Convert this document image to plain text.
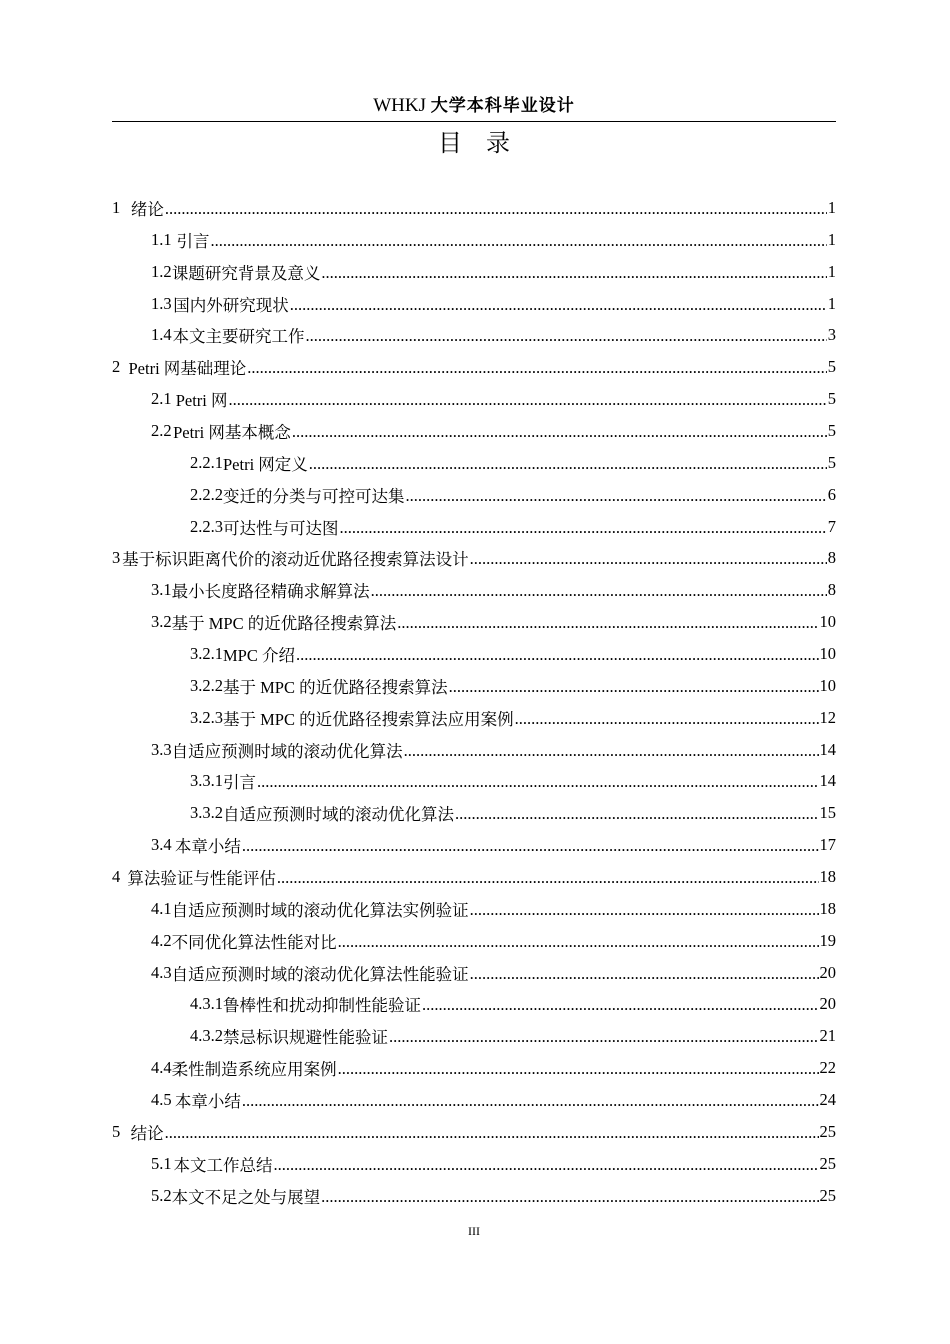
WHKJ 大学本科毕业设计
目　录
1 绪论 .....	1
1.1 引言 .....	1
1.2 课题研究背景及意义 .....	1
1.3 国内外研究现状 .....	1
1.4 本文主要研究工作 .....	3
2 Petri 网基础理论 .....	5
2.1 Petri 网 .....	5
2.2 Petri 网基本概念 .....	5
2.2.1 Petri 网定义 .....	5
2.2.2 变迁的分类与可控可达集 .....	6
2.2.3 可达性与可达图 .....	7
3 基于标识距离代价的滚动近优路径搜索算法设计 .....	8
3.1 最小长度路径精确求解算法 .....	8
3.2 基于 MPC 的近优路径搜索算法 .....	10
3.2.1 MPC 介绍 .....	10
3.2.2 基于 MPC 的近优路径搜索算法 .....	10
3.2.3 基于 MPC 的近优路径搜索算法应用案例 .....	12
3.3 自适应预测时域的滚动优化算法 .....	14
3.3.1 引言 .....	14
3.3.2 自适应预测时域的滚动优化算法 .....	15
3.4 本章小结 .....	17
4 算法验证与性能评估 .....	18
4.1 自适应预测时域的滚动优化算法实例验证 .....	18
4.2 不同优化算法性能对比 .....	19
4.3 自适应预测时域的滚动优化算法性能验证 .....	20
4.3.1 鲁棒性和扰动抑制性能验证 .....	20
4.3.2 禁忌标识规避性能验证 .....	21
4.4 柔性制造系统应用案例 .....	22
4.5 本章小结 .....	24
5 结论 .....	25
5.1 本文工作总结 .....	25
5.2 本文不足之处与展望 .....	25
III
